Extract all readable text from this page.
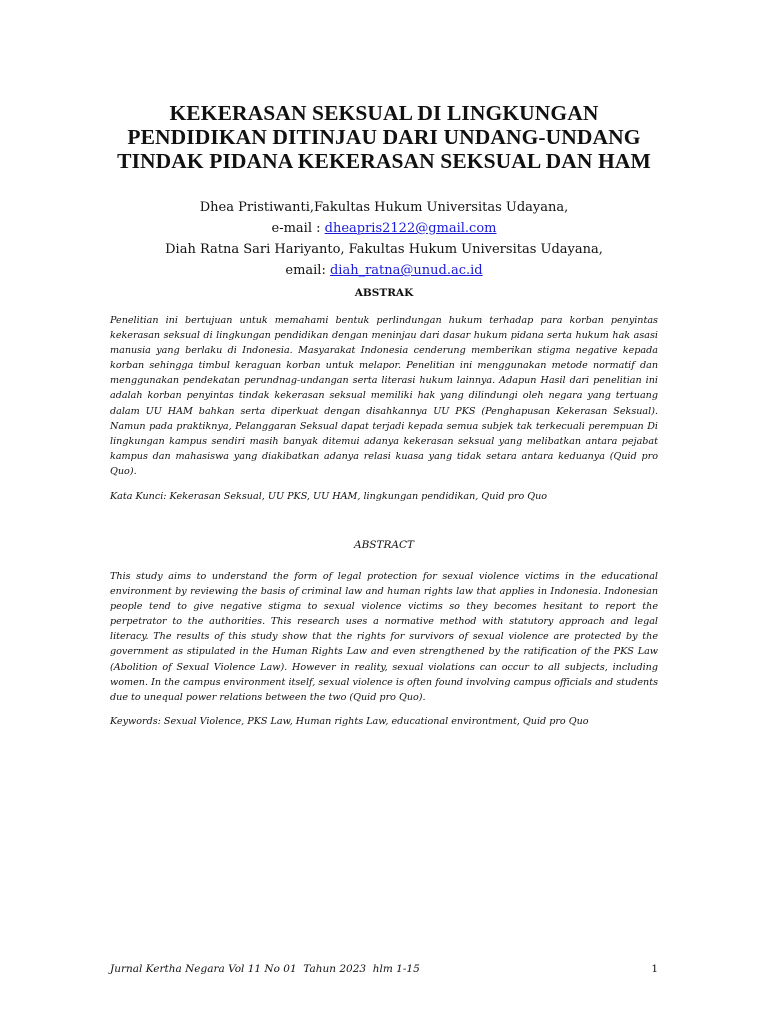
KEKERASAN SEKSUAL DI LINGKUNGAN
PENDIDIKAN DITINJAU DARI UNDANG-UNDANG
TINDAK PIDANA KEKERASAN SEKSUAL DAN HAM
Dhea Pristiwanti,Fakultas Hukum Universitas Udayana,
e-mail : dheapris2122@gmail.com
Diah Ratna Sari Hariyanto, Fakultas Hukum Universitas Udayana,
email: diah_ratna@unud.ac.id
ABSTRAK

Penelitian ini bertujuan untuk memahami bentuk perlindungan hukum terhadap para korban penyintas kekerasan seksual di lingkungan pendidikan dengan meninjau dari dasar hukum pidana serta hukum hak asasi manusia yang berlaku di Indonesia. Masyarakat Indonesia cenderung memberikan stigma negative kepada korban sehingga timbul keraguan korban untuk melapor. Penelitian ini menggunakan metode normatif dan menggunakan pendekatan perundnag-undangan serta literasi hukum lainnya. Adapun Hasil dari penelitian ini adalah korban penyintas tindak kekerasan seksual memiliki hak yang dilindungi oleh negara yang tertuang dalam UU HAM bahkan serta diperkuat dengan disahkannya UU PKS (Penghapusan Kekerasan Seksual). Namun pada praktiknya, Pelanggaran Seksual dapat terjadi kepada semua subjek tak terkecuali perempuan Di lingkungan kampus sendiri masih banyak ditemui adanya kekerasan seksual yang melibatkan antara pejabat kampus dan mahasiswa yang diakibatkan adanya relasi kuasa yang tidak setara antara keduanya (Quid pro Quo).

Kata Kunci: Kekerasan Seksual, UU PKS, UU HAM, lingkungan pendidikan, Quid pro Quo

ABSTRACT

This study aims to understand the form of legal protection for sexual violence victims in the educational environment by reviewing the basis of criminal law and human rights law that applies in Indonesia. Indonesian people tend to give negative stigma to sexual violence victims so they becomes hesitant to report the perpetrator to the authorities. This research uses a normative method with statutory approach and legal literacy. The results of this study show that the rights for survivors of sexual violence are protected by the government as stipulated in the Human Rights Law and even strengthened by the ratification of the PKS Law (Abolition of Sexual Violence Law). However in reality, sexual violations can occur to all subjects, including women. In the campus environment itself, sexual violence is often found involving campus officials and students due to unequal power relations between the two (Quid pro Quo).

Keywords: Sexual Violence, PKS Law, Human rights Law, educational environtment, Quid pro Quo

Jurnal Kertha Negara Vol 11 No 01  Tahun 2023  hlm 1-15	1
